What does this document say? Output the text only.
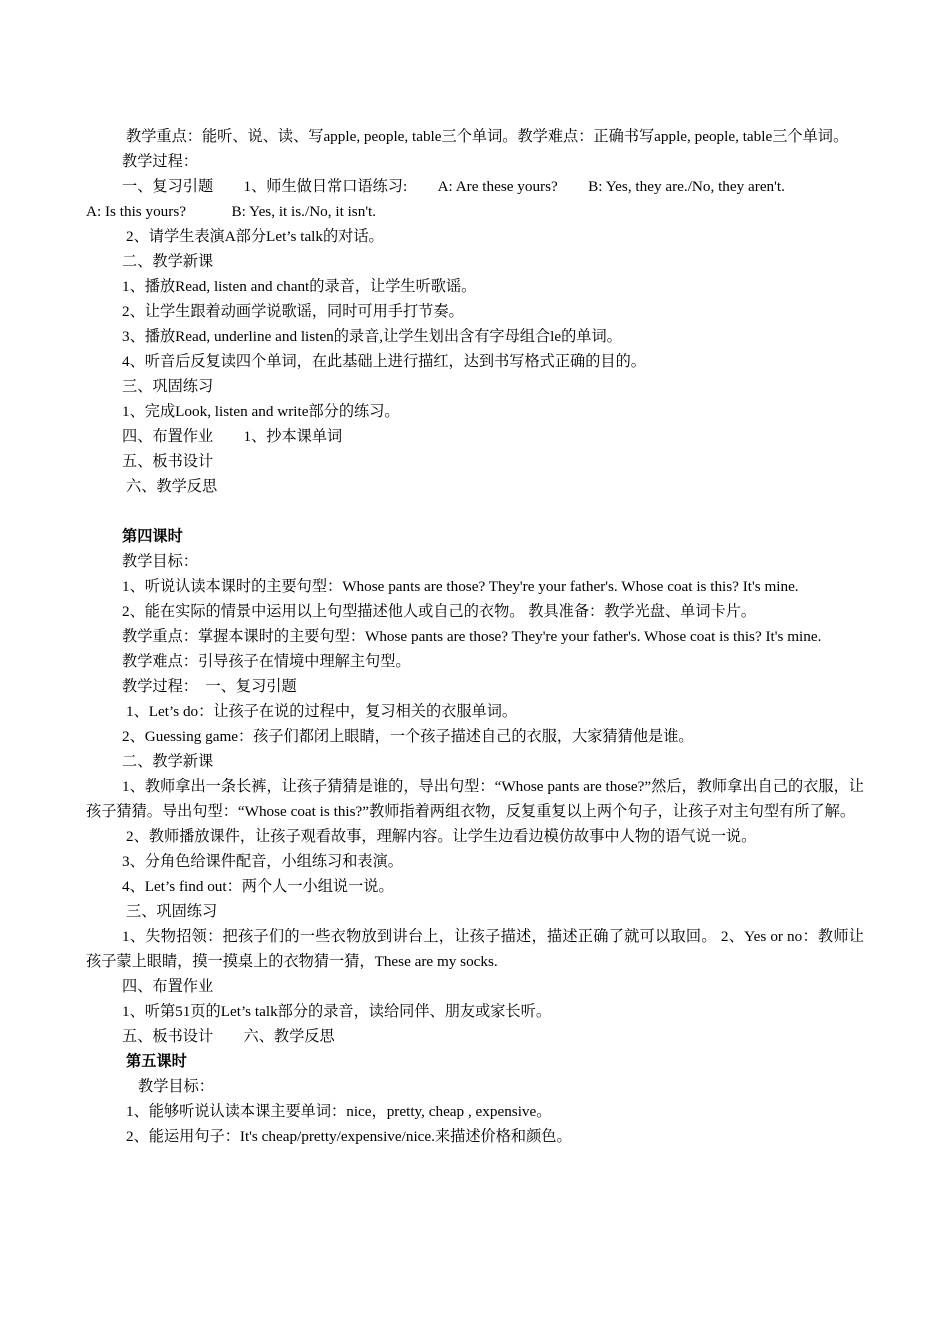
教学重点：能听、说、读、写apple, people, table三个单词。教学难点：正确书写apple, people, table三个单词。

教学过程：

一、复习引题　　1、师生做日常口语练习:　　A: Are these yours?　　B: Yes, they are./No, they aren't.

A: Is this yours?　　　B: Yes, it is./No, it isn't.

2、请学生表演A部分Let’s talk的对话。

二、教学新课

1、播放Read, listen and chant的录音，让学生听歌谣。

2、让学生跟着动画学说歌谣，同时可用手打节奏。

3、播放Read, underline and listen的录音,让学生划出含有字母组合le的单词。

4、听音后反复读四个单词，在此基础上进行描红，达到书写格式正确的目的。

三、巩固练习

1、完成Look, listen and write部分的练习。

四、布置作业　　1、抄本课单词

五、板书设计

六、教学反思

第四课时

教学目标：

1、听说认读本课时的主要句型：Whose pants are those? They're your father's. Whose coat is this? It's mine.

2、能在实际的情景中运用以上句型描述他人或自己的衣物。 教具准备：教学光盘、单词卡片。

教学重点：掌握本课时的主要句型：Whose pants are those? They're your father's. Whose coat is this? It's mine.

教学难点：引导孩子在情境中理解主句型。

教学过程：　一、复习引题

1、Let’s do：让孩子在说的过程中，复习相关的衣服单词。

2、Guessing game：孩子们都闭上眼睛，一个孩子描述自己的衣服，大家猜猜他是谁。

二、教学新课

1、教师拿出一条长裤，让孩子猜猜是谁的，导出句型：“Whose pants are those?”然后，教师拿出自己的衣服，让孩子猜猜。导出句型：“Whose coat is this?”教师指着两组衣物，反复重复以上两个句子，让孩子对主句型有所了解。

2、教师播放课件，让孩子观看故事，理解内容。让学生边看边模仿故事中人物的语气说一说。

3、分角色给课件配音，小组练习和表演。

4、Let’s find out：两个人一小组说一说。

三、巩固练习

1、失物招领：把孩子们的一些衣物放到讲台上，让孩子描述，描述正确了就可以取回。 2、Yes or no：教师让孩子蒙上眼睛，摸一摸桌上的衣物猜一猜，These are my socks.

四、布置作业

1、听第51页的Let’s talk部分的录音，读给同伴、朋友或家长听。

五、板书设计　　六、教学反思

第五课时

教学目标：

1、能够听说认读本课主要单词：nice，pretty, cheap , expensive。

2、能运用句子：It's cheap/pretty/expensive/nice.来描述价格和颜色。
